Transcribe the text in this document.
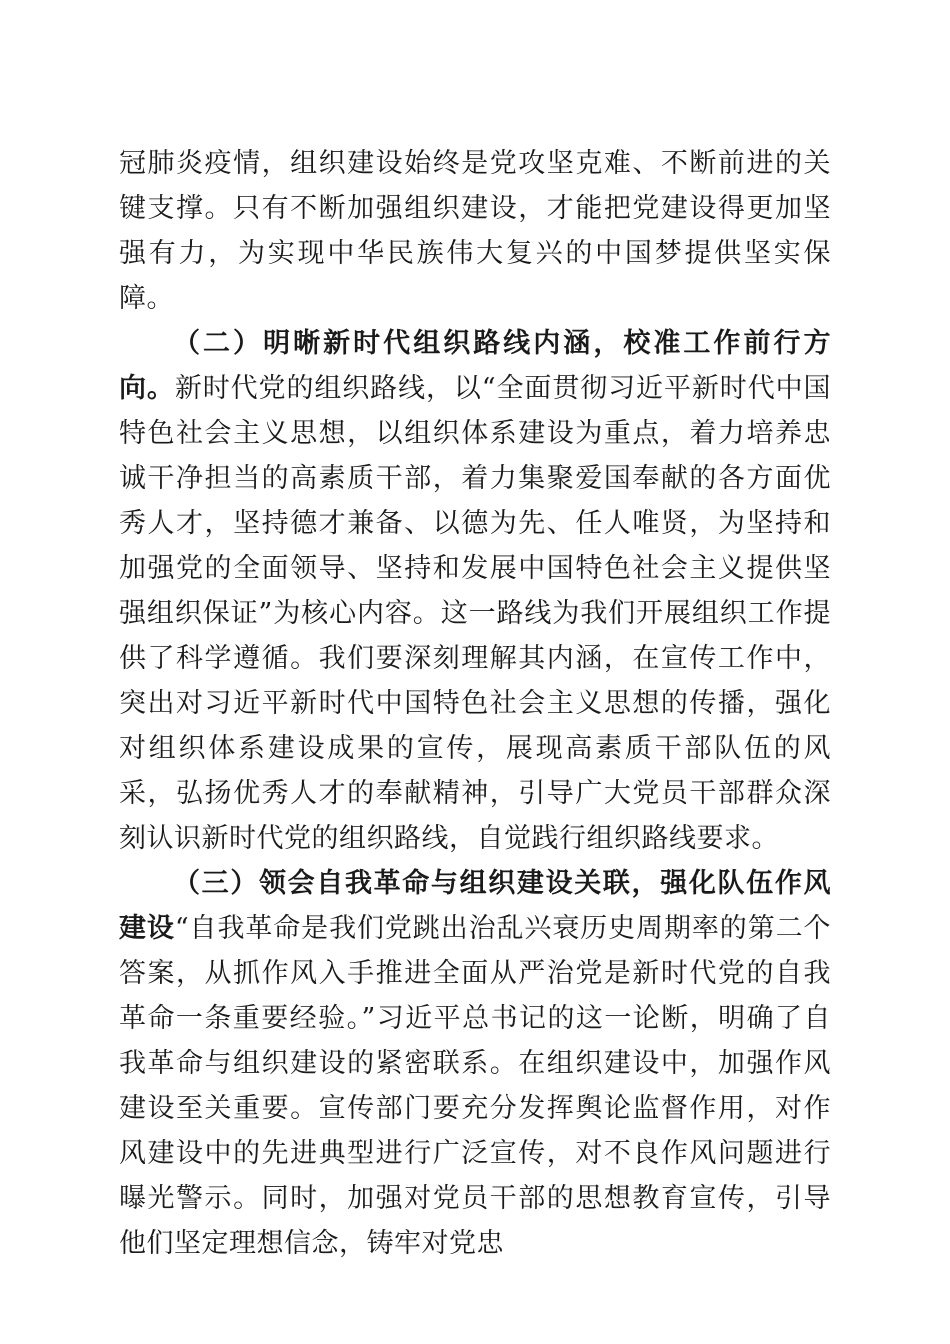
冠肺炎疫情，组织建设始终是党攻坚克难、不断前进的关键支撑。只有不断加强组织建设，才能把党建设得更加坚强有力，为实现中华民族伟大复兴的中国梦提供坚实保障。

（二）明晰新时代组织路线内涵，校准工作前行方向。新时代党的组织路线，以“全面贯彻习近平新时代中国特色社会主义思想，以组织体系建设为重点，着力培养忠诚干净担当的高素质干部，着力集聚爱国奉献的各方面优秀人才，坚持德才兼备、以德为先、任人唯贤，为坚持和加强党的全面领导、坚持和发展中国特色社会主义提供坚强组织保证”为核心内容。这一路线为我们开展组织工作提供了科学遵循。我们要深刻理解其内涵，在宣传工作中，突出对习近平新时代中国特色社会主义思想的传播，强化对组织体系建设成果的宣传，展现高素质干部队伍的风采，弘扬优秀人才的奉献精神，引导广大党员干部群众深刻认识新时代党的组织路线，自觉践行组织路线要求。

（三）领会自我革命与组织建设关联，强化队伍作风建设“自我革命是我们党跳出治乱兴衰历史周期率的第二个答案，从抓作风入手推进全面从严治党是新时代党的自我革命一条重要经验。”习近平总书记的这一论断，明确了自我革命与组织建设的紧密联系。在组织建设中，加强作风建设至关重要。宣传部门要充分发挥舆论监督作用，对作风建设中的先进典型进行广泛宣传，对不良作风问题进行曝光警示。同时，加强对党员干部的思想教育宣传，引导他们坚定理想信念，铸牢对党忠
